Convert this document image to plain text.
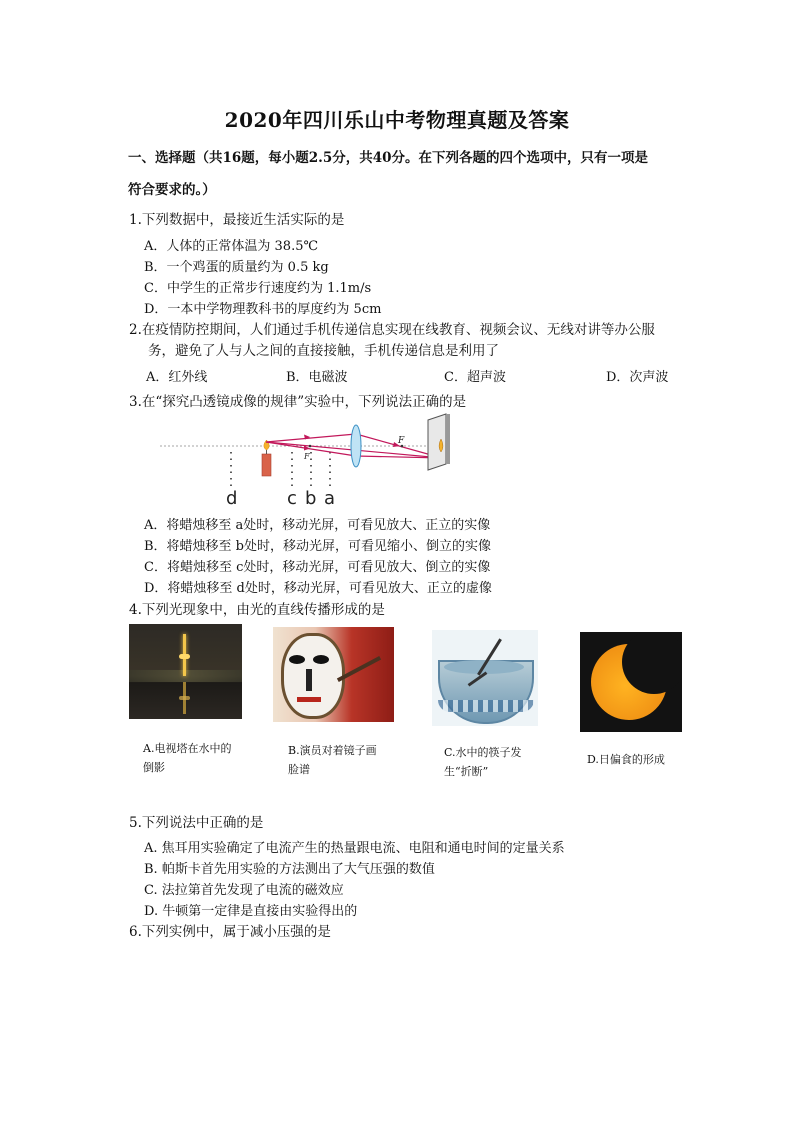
2020年四川乐山中考物理真题及答案
一、选择题（共16题，每小题2.5分，共40分。在下列各题的四个选项中，只有一项是
符合要求的。）
1.下列数据中，最接近生活实际的是
A．人体的正常体温为 38.5℃
B．一个鸡蛋的质量约为 0.5 kg
C．中学生的正常步行速度约为 1.1m/s
D．一本中学物理教科书的厚度约为 5cm
2.在疫情防控期间，人们通过手机传递信息实现在线教育、视频会议、无线对讲等办公服
务，避免了人与人之间的直接接触，手机传递信息是利用了
A．红外线	B．电磁波	C．超声波	D．次声波
3.在“探究凸透镜成像的规律”实验中，下列说法正确的是
F
F
d	c b a
A．将蜡烛移至 a处时，移动光屏，可看见放大、正立的实像
B．将蜡烛移至 b处时，移动光屏，可看见缩小、倒立的实像
C．将蜡烛移至 c处时，移动光屏，可看见放大、倒立的实像
D．将蜡烛移至 d处时，移动光屏，可看见放大、正立的虚像
4.下列光现象中，由光的直线传播形成的是
A.电视塔在水中的倒影
B.演员对着镜子画脸谱
C.水中的筷子发生“折断”
D.日偏食的形成
5.下列说法中正确的是
A. 焦耳用实验确定了电流产生的热量跟电流、电阻和通电时间的定量关系
B. 帕斯卡首先用实验的方法测出了大气压强的数值
C. 法拉第首先发现了电流的磁效应
D. 牛顿第一定律是直接由实验得出的
6.下列实例中，属于减小压强的是
